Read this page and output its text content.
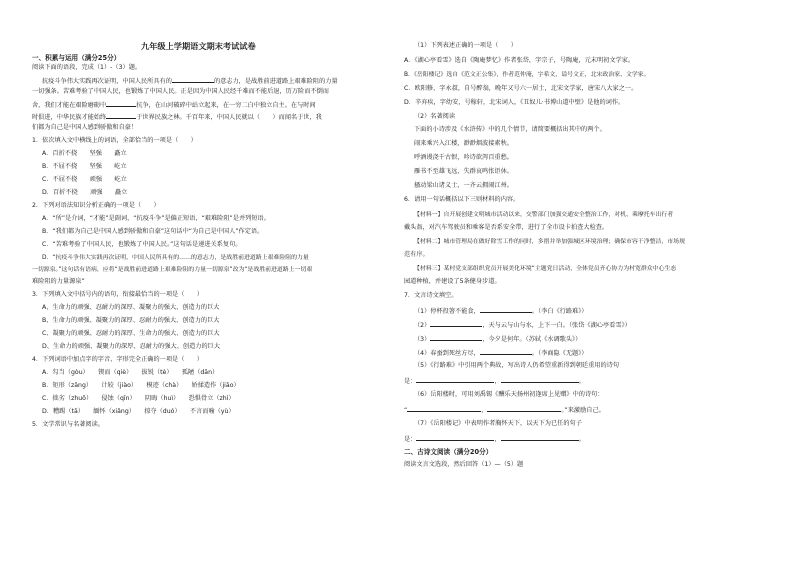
九年级上学期语文期末考试试卷
一、积累与运用（满分25分）
阅读下面的语段，完成（1）-（3）题。
抗疫斗争伟大实践再次证明，中国人民所具有的	的意志力，是战胜前进道路上艰难险阻的力量
一切强条。苦难考验了中国人民，也锻炼了中国人民。正是因为中国人民经千难而不能后退，历万险而不倒而
舍，我们才能在艰险磨砺中	抗争，在山河破碎中站立起来，在一穷二白中独立自主。在与时间
时俱进，中华民族才能始终	于世界民族之林。千百年来，中国人民就以（　　）而闻名于世，我
们都为自己是中国人感到骄傲和自豪！
1．依次填入文中横线上的词语，全部恰当的一项是（　　）
A．百折不挠　　坚强　　矗立
B．不屈不挠　　坚强　　屹立
C．不屈不挠　　顽强　　屹立
D．百折不挠　　顽强　　矗立
2．下列对语法知识分析正确的一项是（　　）
A．“所”是介词，“才能”是副词，“抗疫斗争”是偏正短语，“艰难险阻”是并列短语。
B．“我们都为自己是中国人感到骄傲和自豪”这句话中“为自己是中国人”作定语。
C．“苦难考验了中国人民，也锻炼了中国人民。”这句话是递进关系复句。
D．“抗疫斗争伟大实践再次证明，中国人民所具有的……的意志力，是战胜前进道路上艰难险阻的力量
一切源泉。”这句话有语病，应将“是战胜前进道路上艰难险阻的力量一切源泉”改为“是战胜前进道路上一切艰
难险阻的力量源泉”
3．下列填入文中括号内的语句，衔接最恰当的一项是（　　）
A、生命力的顽强、忍耐力的深厚、凝聚力的强大、创造力的巨大
B、生命力的顽强、凝聚力的深厚、忍耐力的强大、创造力的巨大
C、凝聚力的顽强、忍耐力的深厚、生命力的强大、创造力的巨大
D、生命力的顽强、凝聚力的深厚、忍耐力的强大、创造力的巨大
4．下列词语中加点字的字音、字形完全正确的一项是（　　）
A．勾当（gòu）　　锲而（qiè）　　拔锐（tè）　　孤陋（dān）
B．矩形（zāng）　　计较（jiào）　　模迹（chà）　　娇揉造作（jiāo）
C．拙劣（zhuō）　　侵蚀（qīn）　　阴晦（huì）　　恐惧骨立（zhì）
D．糟踢（tā）　　缅怀（xiǎng）　　掠夺（duó）　　不言而喻（yù）
5．文学常识与名著阅读。
（1）下列表述正确的一项是（　　）
A．《湖心亭看雪》选自《陶庵梦忆》作者张岱，字宗子，号陶庵，元末明初文学家。
B．《岳阳楼记》选自《范文正公集》，作者范仲淹，字希文，谥号文正，北宋政治家、文学家。
C．欧阳修，字永叔，自号醉翁，晚年又号六一居士，北宋文学家，唐宋八大家之一。
D．辛弃疾，字幼安，号稼轩，北宋词人，《丑奴儿·书博山道中壁》是他的词作。
（2）名著阅读
下面的小诗涉及《水浒传》中的几个情节，请简要概括出其中的两个。
闹来乘兴入江楼，渺渺烟波接素秋。
呼酒谩浇千古恨，吟诗欲泻百重愁。
雁书不至雄飞远，失群哀鸣怅讵休。
搔动梁山诸义士，一齐云拥闹江州。
6．请用一句话概括以下三则材料的内容。
【材料一】自开展创建文明城市活动以来，交警部门加强交通安全整治工作，对机、乘摩托车出行者
戴头盔，对汽车驾驶员和乘客是否系安全带，进行了全市设卡拍查大检查。
【材料二】城市管理局在做好除雪工作的同时，多措并举加强城区环境治理；确保市容干净整洁，市场规
范有序。
【材料三】某村党支部组织党员开展美化环境“主题党日活动，全体党员齐心协力为村宽群众中心生态
园道种植，并建设了5条健身步道。
7．文言诗文填空。
（1）停杯投箸不能食，	。（李白《行路难》）
（2）	，天与云与山与水，上下一白。（张岱《湖心亭看雪》）
（3）	，今夕是何年。（苏轼《水调歌头》）
（4）春蚕到死丝方尽，	。（李商隐《无题》）
（5）《行路难》中引用两个典故，写出诗人仍希望重新得到朝廷重用的诗句
是：	，	。
（6）岳阳楼时，可用刘禹锡《酬乐天扬州初逢席上见赠》中的诗句：
“	，	。”来激励自己。
（7）《岳阳楼记》中表明作者胸怀天下，以天下为已任的句子
是：	，	。
二、古诗文阅读（满分20分）
阅读文言文选段，然后回答（1）—（5）题
